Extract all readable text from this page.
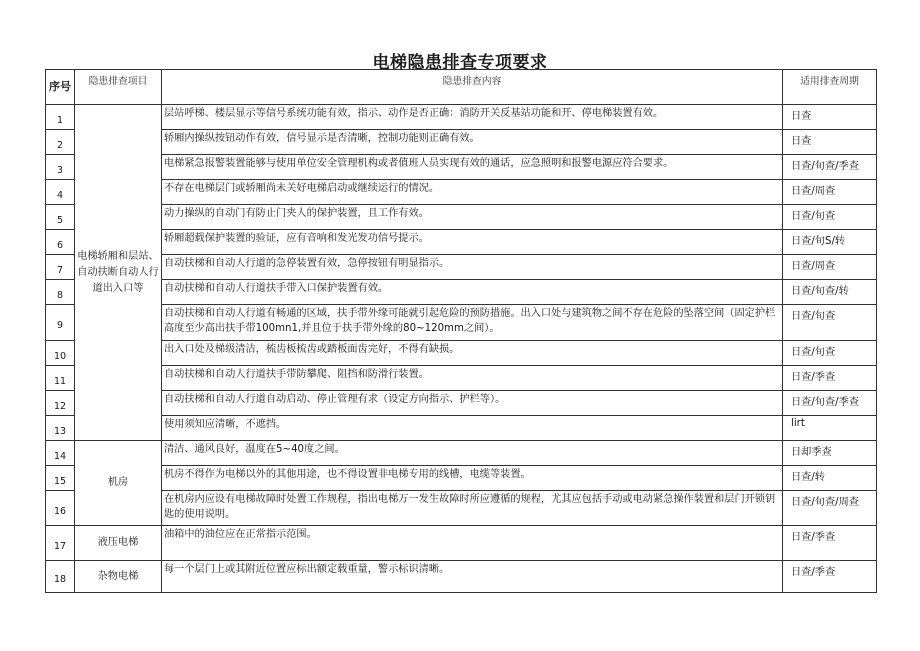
电梯隐患排查专项要求
序号	隐患排查项目	隐患排查内容	适用排查周期
1	电梯轿厢和层站、自动扶断自动人行道出入口等	层站呼梯、楼层显示等信号系统功能有效，指示、动作是否正确：消防开关反基站功能和开、停电梯装置有效。	日查
2		轿厢内操纵按钮动作有效，信号显示是否清晰，控制功能则正确有效。	日查
3		电梯紧急报警装置能够与使用单位安全管理机构或者值班人员实现有效的通话，应急照明和报警电源应符合要求。	日查/旬查/季查
4		不存在电梯层门或轿厢尚未关好电梯启动或继续运行的情况。	日查/周查
5		动力操纵的自动门有防止门夹人的保护装置，且工作有效。	日查/旬查
6		轿厢超载保护装置的验证，应有音响和发光发功信号提示。	日查/旬S/转
7		自动扶梯和自动人行道的急停装置有效，急停按钮有明显指示。	日查/周查
8		自动扶梯和自动人行道扶手带入口保护装置有效。	日查/旬查/转
9		自动扶梯和自动人行道有畅通的区域，扶手带外缘可能就引起危险的预防措施。出入口处与建筑物之间不存在危险的坠落空间（固定护栏高度至少高出扶手带100mn1,并且位于扶手带外缘的80~120mm之间）。	日查/旬查
10		出入口处及梯级清洁，梳齿板梳齿或踏板面齿完好，不得有缺损。	日查/旬查
11		自动扶梯和自动人行道扶手带防攀爬、阻挡和防滑行装置。	日查/季查
12		自动扶梯和自动人行道自动启动、停止管理有求（设定方向指示、护栏等）。	日查/旬查/季查
13		使用须知应清晰，不遮挡。	lirt
14	机房	清洁、通风良好，温度在5~40度之间。	日却季查
15		机房不得作为电梯以外的其他用途，也不得设置非电梯专用的线槽，电缆等装置。	日查/转
16		在机房内应设有电梯故障时处置工作规程，指出电梯万一发生故障时所应遵循的规程，尤其应包括手动或电动紧急操作装置和层门开锁钥匙的使用说明。	日查/旬查/周查
17	液压电梯	油箱中的油位应在正常指示范围。	日查/季查
18	杂物电梯	每一个层门上或其附近位置应标出额定载重量，警示标识清晰。	日查/季查
